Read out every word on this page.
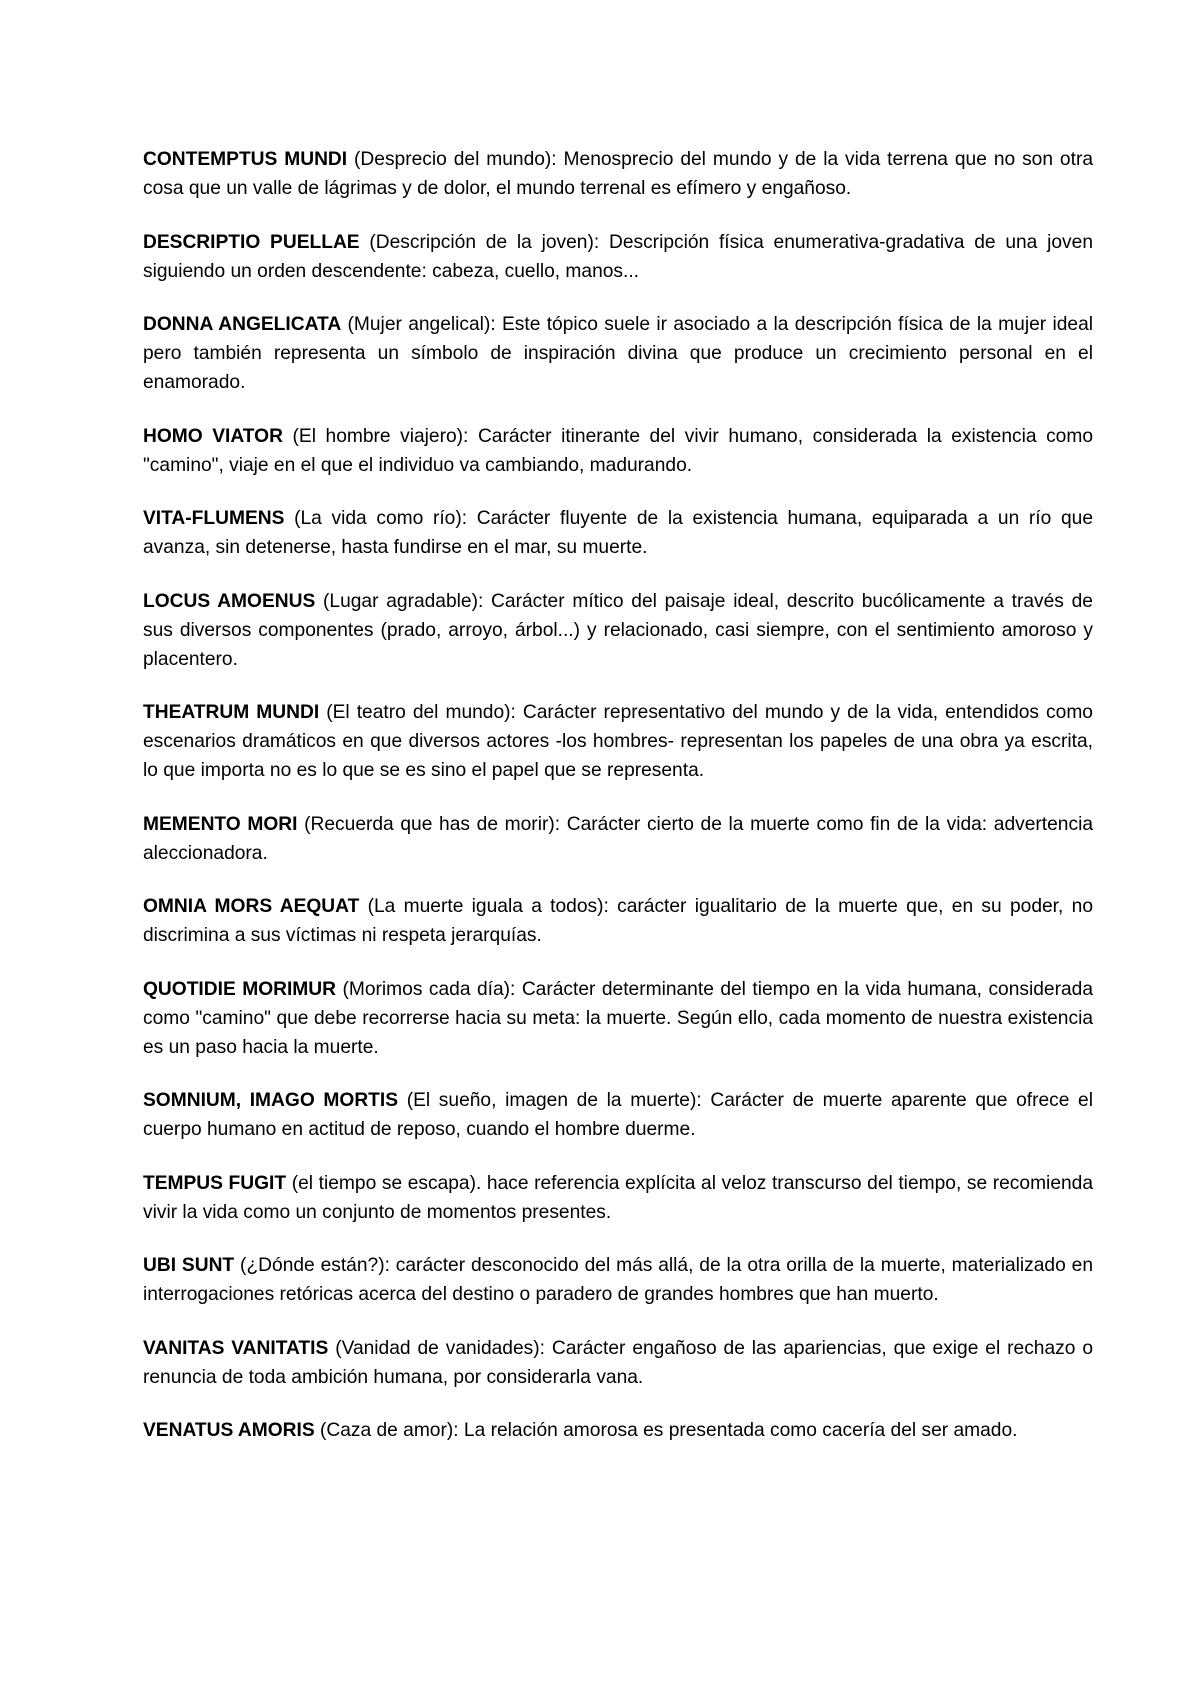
CONTEMPTUS MUNDI (Desprecio del mundo): Menosprecio del mundo y de la vida terrena que no son otra cosa que un valle de lágrimas y de dolor, el mundo terrenal es efímero y engañoso.

DESCRIPTIO PUELLAE (Descripción de la joven): Descripción física enumerativa-gradativa de una joven siguiendo un orden descendente: cabeza, cuello, manos...

DONNA ANGELICATA (Mujer angelical): Este tópico suele ir asociado a la descripción física de la mujer ideal pero también representa un símbolo de inspiración divina que produce un crecimiento personal en el enamorado.

HOMO VIATOR (El hombre viajero): Carácter itinerante del vivir humano, considerada la existencia como "camino", viaje en el que el individuo va cambiando, madurando.

VITA-FLUMENS (La vida como río): Carácter fluyente de la existencia humana, equiparada a un río que avanza, sin detenerse, hasta fundirse en el mar, su muerte.

LOCUS AMOENUS (Lugar agradable): Carácter mítico del paisaje ideal, descrito bucólicamente a través de sus diversos componentes (prado, arroyo, árbol...) y relacionado, casi siempre, con el sentimiento amoroso y placentero.

THEATRUM MUNDI (El teatro del mundo): Carácter representativo del mundo y de la vida, entendidos como escenarios dramáticos en que diversos actores -los hombres- representan los papeles de una obra ya escrita, lo que importa no es lo que se es sino el papel que se representa.

MEMENTO MORI (Recuerda que has de morir): Carácter cierto de la muerte como fin de la vida: advertencia aleccionadora.

OMNIA MORS AEQUAT (La muerte iguala a todos): carácter igualitario de la muerte que, en su poder, no discrimina a sus víctimas ni respeta jerarquías.

QUOTIDIE MORIMUR (Morimos cada día): Carácter determinante del tiempo en la vida humana, considerada como "camino" que debe recorrerse hacia su meta: la muerte. Según ello, cada momento de nuestra existencia es un paso hacia la muerte.

SOMNIUM, IMAGO MORTIS (El sueño, imagen de la muerte): Carácter de muerte aparente que ofrece el cuerpo humano en actitud de reposo, cuando el hombre duerme.

TEMPUS FUGIT (el tiempo se escapa). hace referencia explícita al veloz transcurso del tiempo, se recomienda vivir la vida como un conjunto de momentos presentes.

UBI SUNT (¿Dónde están?): carácter desconocido del más allá, de la otra orilla de la muerte, materializado en interrogaciones retóricas acerca del destino o paradero de grandes hombres que han muerto.

VANITAS VANITATIS (Vanidad de vanidades): Carácter engañoso de las apariencias, que exige el rechazo o renuncia de toda ambición humana, por considerarla vana.

VENATUS AMORIS (Caza de amor): La relación amorosa es presentada como cacería del ser amado.
